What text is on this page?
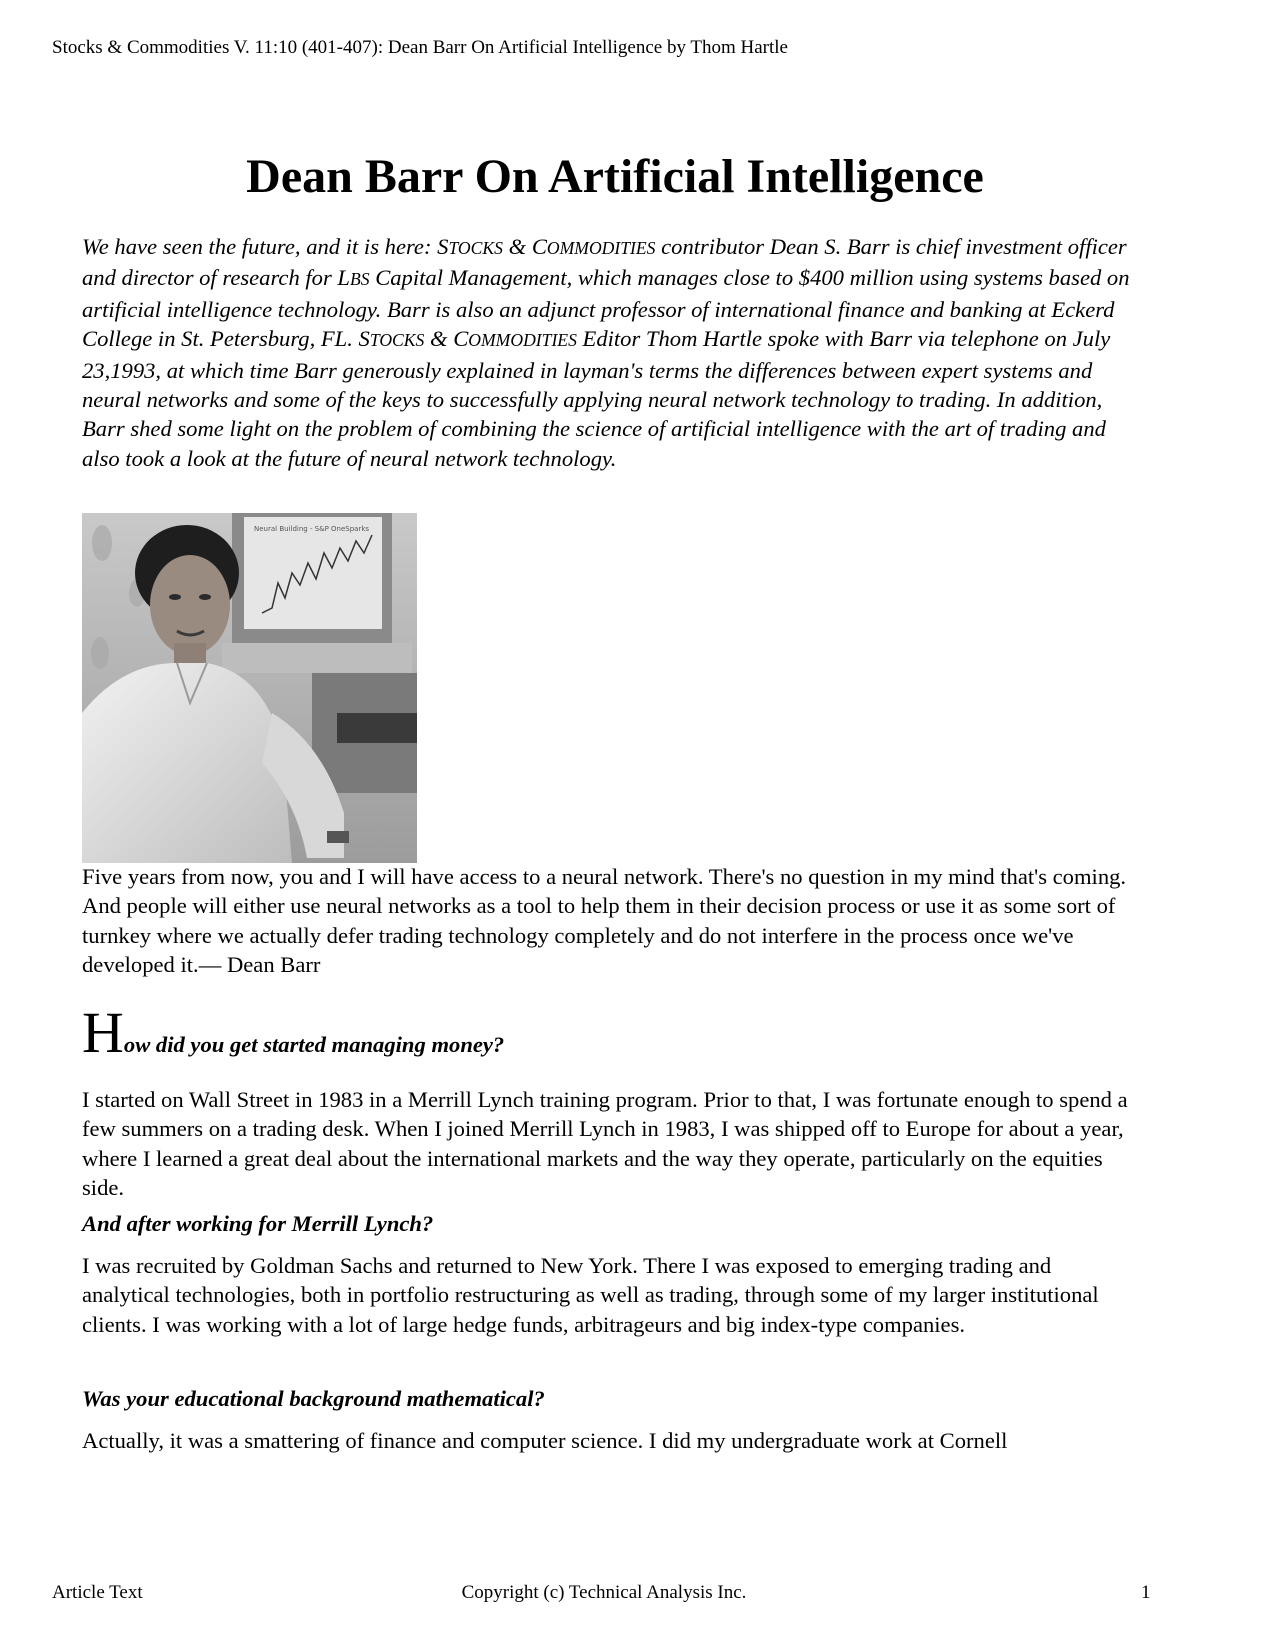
Stocks & Commodities V. 11:10 (401-407): Dean Barr On Artificial Intelligence by Thom Hartle
Dean Barr On Artificial Intelligence

We have seen the future, and it is here: STOCKS & COMMODITIES contributor Dean S. Barr is chief investment officer and director of research for LBS Capital Management, which manages close to $400 million using systems based on artificial intelligence technology. Barr is also an adjunct professor of international finance and banking at Eckerd College in St. Petersburg, FL. STOCKS & COMMODITIES Editor Thom Hartle spoke with Barr via telephone on July 23,1993, at which time Barr generously explained in layman's terms the differences between expert systems and neural networks and some of the keys to successfully applying neural network technology to trading. In addition, Barr shed some light on the problem of combining the science of artificial intelligence with the art of trading and also took a look at the future of neural network technology.

Neural Building - S&P OneSparks

Five years from now, you and I will have access to a neural network. There's no question in my mind that's coming. And people will either use neural networks as a tool to help them in their decision process or use it as some sort of turnkey where we actually defer trading technology completely and do not interfere in the process once we've developed it.— Dean Barr

How did you get started managing money?

I started on Wall Street in 1983 in a Merrill Lynch training program. Prior to that, I was fortunate enough to spend a few summers on a trading desk. When I joined Merrill Lynch in 1983, I was shipped off to Europe for about a year, where I learned a great deal about the international markets and the way they operate, particularly on the equities side.

And after working for Merrill Lynch?

I was recruited by Goldman Sachs and returned to New York. There I was exposed to emerging trading and analytical technologies, both in portfolio restructuring as well as trading, through some of my larger institutional clients. I was working with a lot of large hedge funds, arbitrageurs and big index-type companies.

Was your educational background mathematical?

Actually, it was a smattering of finance and computer science. I did my undergraduate work at Cornell

Article Text	Copyright (c) Technical Analysis Inc.	1
